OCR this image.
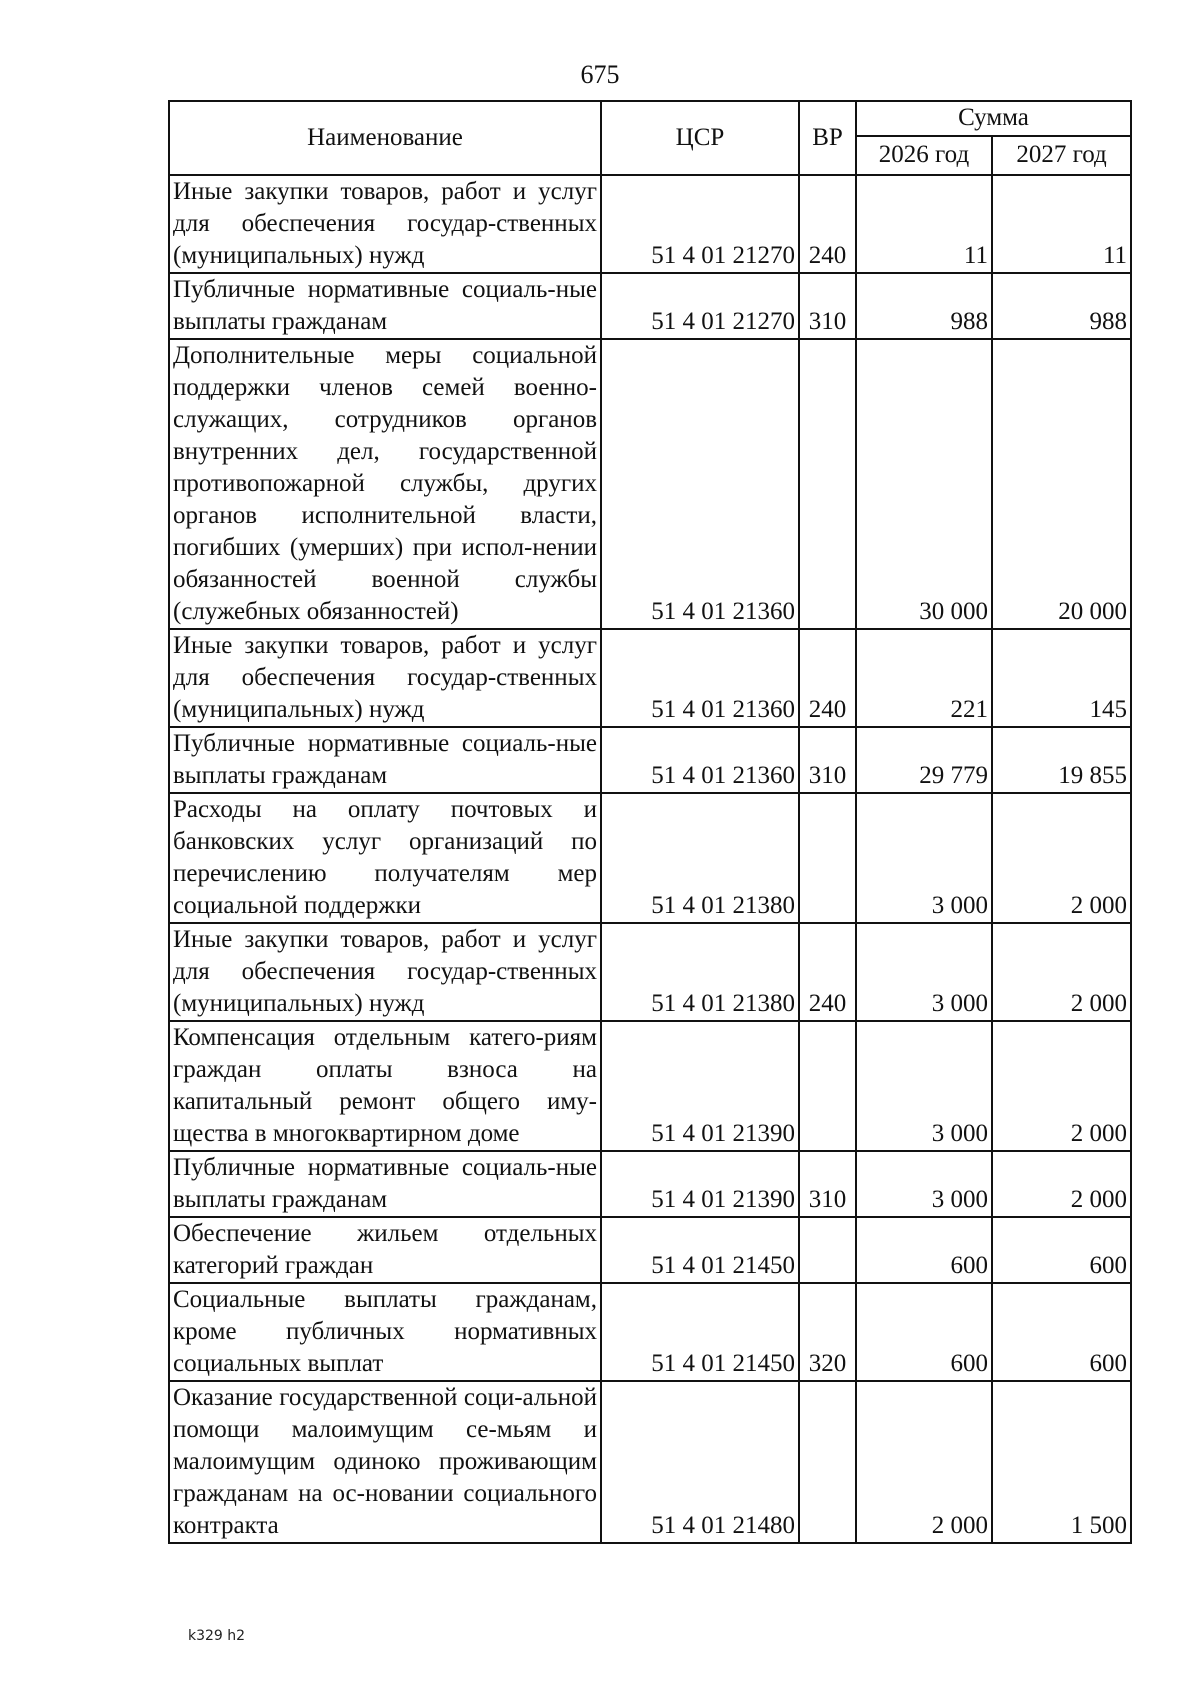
675
Наименование	ЦСР	ВР	Сумма	
			2026 год	2027 год
Иные закупки товаров, работ и услуг для обеспечения государ-ственных (муниципальных) нужд	51 4 01 21270	240	11	11
Публичные нормативные социаль-ные выплаты гражданам	51 4 01 21270	310	988	988
Дополнительные меры социальной поддержки членов семей военно-служащих, сотрудников органов внутренних дел, государственной противопожарной службы, других органов исполнительной власти, погибших (умерших) при испол-нении обязанностей военной службы (служебных обязанностей)	51 4 01 21360		30 000	20 000
Иные закупки товаров, работ и услуг для обеспечения государ-ственных (муниципальных) нужд	51 4 01 21360	240	221	145
Публичные нормативные социаль-ные выплаты гражданам	51 4 01 21360	310	29 779	19 855
Расходы на оплату почтовых и банковских услуг организаций по перечислению получателям мер социальной поддержки	51 4 01 21380		3 000	2 000
Иные закупки товаров, работ и услуг для обеспечения государ-ственных (муниципальных) нужд	51 4 01 21380	240	3 000	2 000
Компенсация отдельным катего-риям граждан оплаты взноса на капитальный ремонт общего иму-щества в многоквартирном доме	51 4 01 21390		3 000	2 000
Публичные нормативные социаль-ные выплаты гражданам	51 4 01 21390	310	3 000	2 000
Обеспечение жильем отдельных категорий граждан	51 4 01 21450		600	600
Социальные выплаты гражданам, кроме публичных нормативных социальных выплат	51 4 01 21450	320	600	600
Оказание государственной соци-альной помощи малоимущим се-мьям и малоимущим одиноко проживающим гражданам на ос-новании социального контракта	51 4 01 21480		2 000	1 500
k329 h2
